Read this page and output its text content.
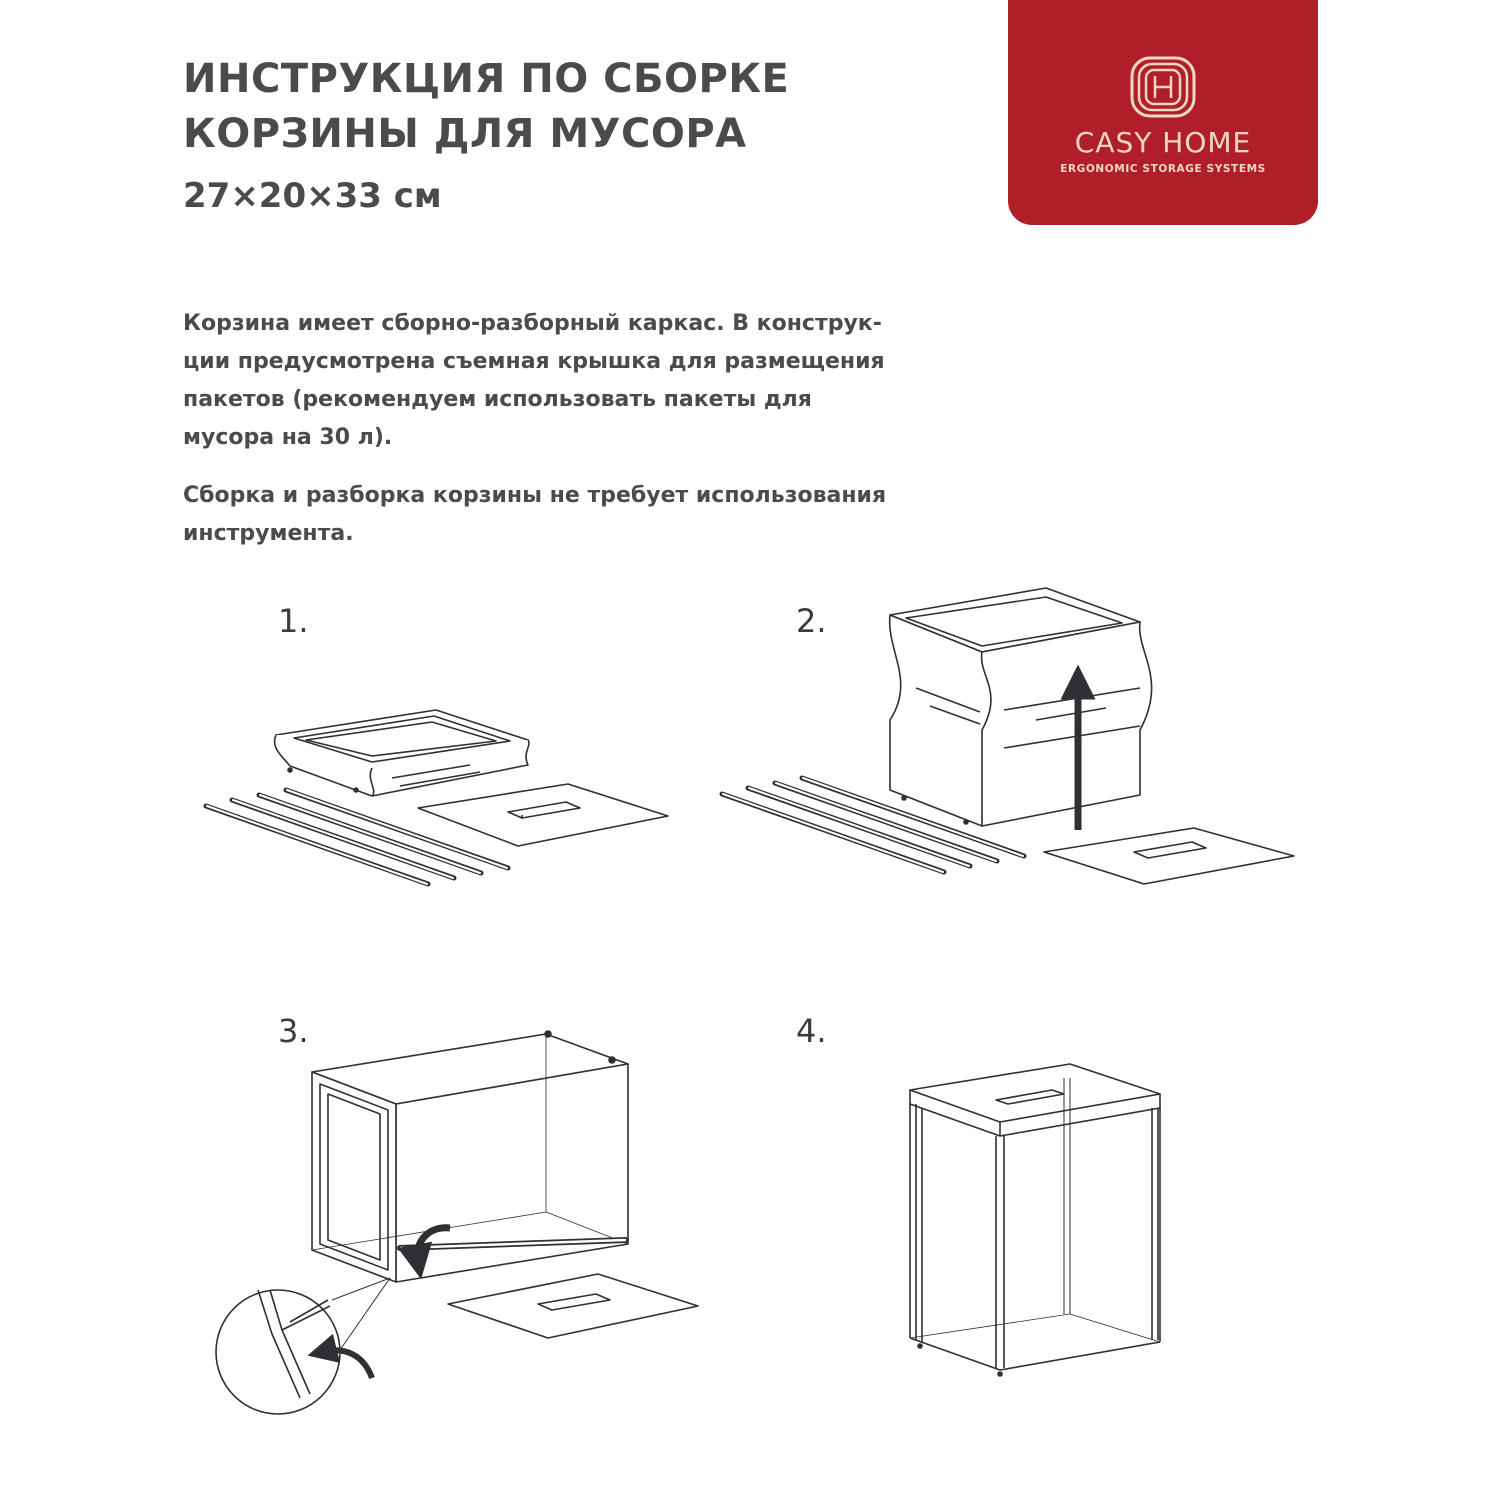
ИНСТРУКЦИЯ ПО СБОРКЕ
КОРЗИНЫ ДЛЯ МУСОРА
27×20×33 см
CASY HOME
ERGONOMIC STORAGE SYSTEMS

Корзина имеет сборно-разборный каркас. В конструк-
ции предусмотрена съемная крышка для размещения
пакетов (рекомендуем использовать пакеты для
мусора на 30 л).

Сборка и разборка корзины не требует использования
инструмента.

1.	2.
3.	4.
